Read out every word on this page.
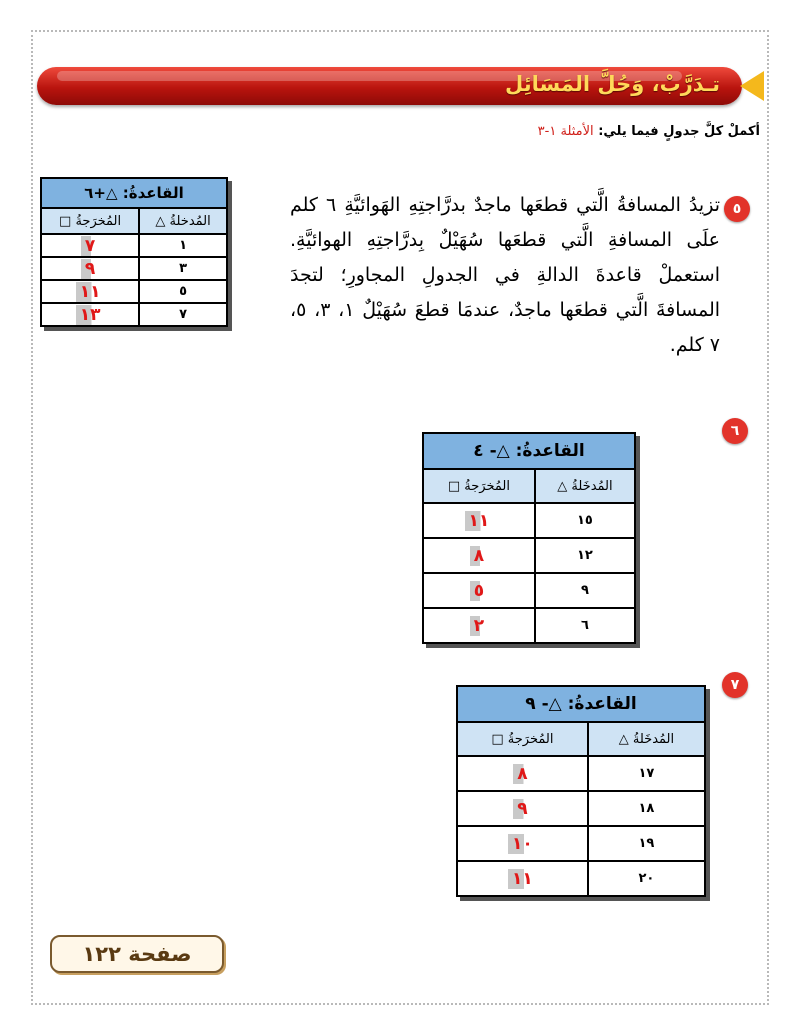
تـدَرَّبْ، وَحُلَّ المَسَائِل
أكملْ كلَّ جدولٍ فيما يلي: الأمثلة ١-٣
٥
تزيدُ المسافةُ الَّتي قطعَها ماجدٌ بدرَّاجتِهِ الهَوائيَّةِ ٦ كلم علَى المسافةِ الَّتي قطعَها سُهَيْلٌ بِدرَّاجتِهِ الهوائيَّةِ. استعملْ قاعدةَ الدالةِ في الجدولِ المجاورِ؛ لتجدَ المسافةَ الَّتي قطعَها ماجدٌ، عندمَا قطعَ سُهَيْلٌ ١، ٣، ٥، ٧ كلم.
القاعدةُ: △+٦	
المُدخلةُ △	المُخرَجةُ □
١	٧
٣	٩
٥	١١
٧	١٣
٦
القاعدةُ: △- ٤	
المُدخَلةُ △	المُخرَجةُ □
١٥	١١
١٢	٨
٩	٥
٦	٢
٧
القاعدةُ: △- ٩	
المُدخَلةُ △	المُخرَجةُ □
١٧	٨
١٨	٩
١٩	١٠
٢٠	١١
صفحة ١٢٢
